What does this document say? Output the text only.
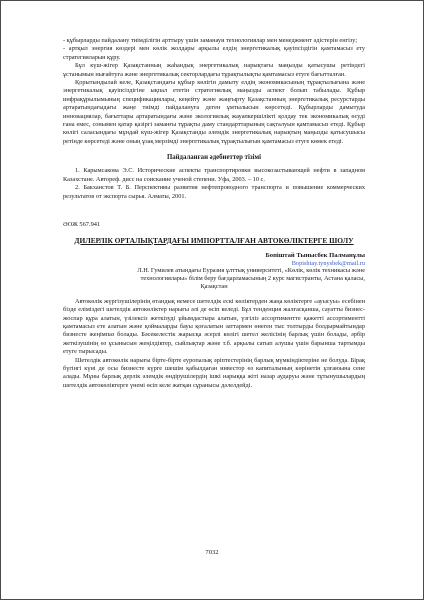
- құбырларды пайдалану тиімділігін арттыру үшін заманауи технологиялар мен менеджмент әдістерін енгізу;

- артқыл энергия көздері мен көлік жолдары арқылы елдің энергетикалық қауіпсіздігін қамтамасыз ету стратегияларын құру.

Бұл күш-жігер Қазақстанның жаһандық энергетикалық нарықтағы маңызды қатысушы ретіндегі ұстанымын нығайтуға және энергетикалық секторлардағы тұрақтылықты қамтамасыз етуге бағытталған.

Қорытындылай келе, Қазақстандағы құбыр көлігін дамыту елдің экономикасының тұрақтылығына және энергетикалық қауіпсіздігіне ықпал ететін стратегиялық маңызды аспект болып табылады. Құбыр инфрақұрылымының спецификациялары, кеңейту және жаңғырту Қазақстанның энергетикалық ресурстарды артаратындағыдағы жаңе тиімді пайдалануға деген ұмтылысын көрсетеді. Құбырларды дамытуда инновациялар, бағыттары артаратындағы және экологиялық жауапкершілікті қолдау тек экономикалық өсуді ғана емес, сонымен қатар қазіргі заманғы тұрақты даму стандарттарының сақталуын қамтамасыз етеді. Құбыр көлігі саласындағы мұндай күш-жігер Қазақстанды әлемдік энергетикалық нарықтың маңызды қатысушысы ретінде көрсетеді және оның ұзақ мерзімді энергетикалық тұрақтылығын қамтамасыз етуге көмек етеді.

Пайдаланған әдебиеттер тізімі

1. Карымсакова Э.С. Исторические аспекты транспортировки высокозастывающей нефти в западном Казахстане. Автореф. дисс на соискание ученой степени. Уфа, 2003. – 10 с.

2. Бакханстов Т. Б. Перспективы развития нефтепроводного транспорта и повышение коммерческих результатов от экспорта сырья. Алматы, 2001.

ӘОЖ 567.941
ДИЛЕРЛІК ОРТАЛЫҚТАРДАҒЫ ИМПОРТТАЛҒАН АВТОКӨЛІКТЕРГЕ ШОЛУ
Бопіштай Тынысбек Палманұлы
Bopishtay.tynysbek@mail.ru
Л.Н. Гумилев атындағы Еуразия ұлттық университеті, «Көлік, көлік техникасы және
технологиялары» білім беру бағдарламасының 2 курс магистранты, Астана қаласы,
Қазақстан

Автокөлік жүргізушілерінің өтандық немесе шетелдік ескі көліктерден жаңа көліктерге «ауысуы» есебінен бізде еліміздегі шетелдік автокөліктер нарығы әлі де өсіп келеді. Бұл тенденция жалғасқанша, сауатты бизнес-жоспар құра алатын, үзілексіз жеткізуді ұйымдастыра алатын, үзгіліз ассортиментте қажетті ассортиментті қамтамасыз ете алатын және қоймаларды бауы қоғалатын заттармен өнеген тыс толтырды болдырмайтындар бизнесте жеңімпаз болады. Бәсекелестік жарысқа әсерлі көлігі шетел желісінің барлық үшін болады, әрбір жеткізушінің өз ұсынысын жеңілдіктер, сыйлықтар және т.б. арқылы сатып алушы үшін барынша тартымды етуге тырысады.

Шетелдік автокөлік нарығы бірте-бірте еуропалық әріптестерінің барлық мүмкіндіктеріне не болуда. Бірақ бүгінгі күні де осы бизнесте күрге шешім қабылдаған инвестор өз капиталының көрінетін ұлғаюына сене алады. Мұны барлық дерлік әлемдік өндірушілердің ішкі нарыққа жіті назар аударуы және тұтынушылардың шетелдік автокөліктерге үнемі өсіп келе жатқан сұранысы дәлелдейді.

7032
